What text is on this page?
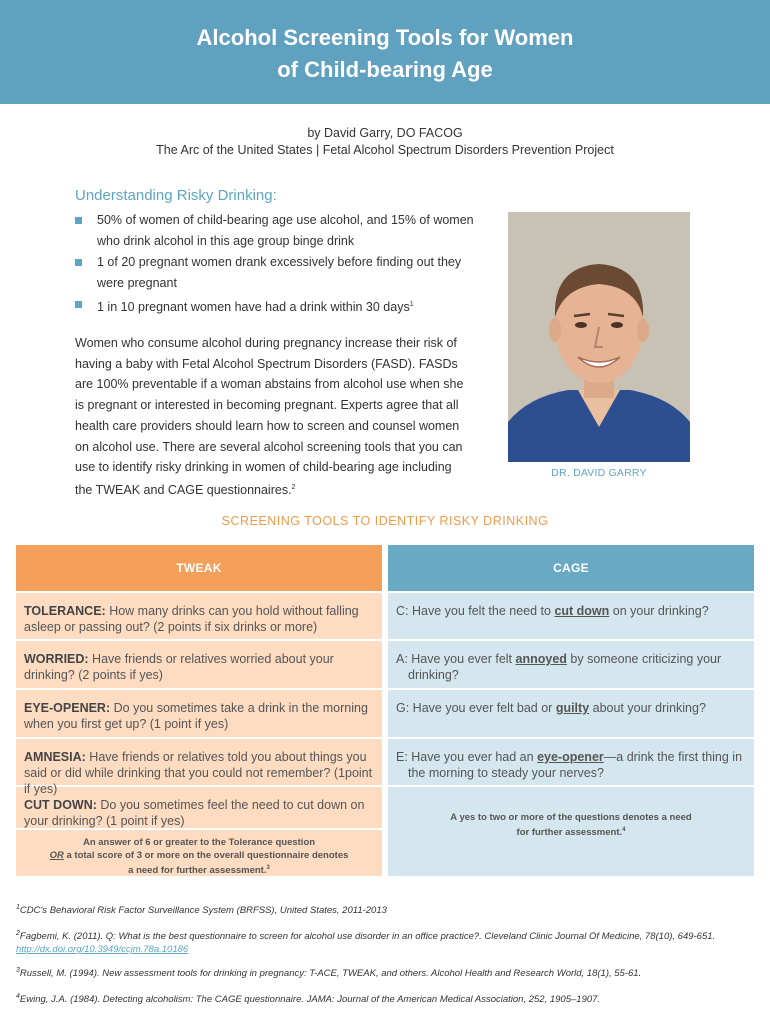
Alcohol Screening Tools for Women
of Child-bearing Age
by David Garry, DO FACOG
The Arc of the United States | Fetal Alcohol Spectrum Disorders Prevention Project
Understanding Risky Drinking:
50% of women of child-bearing age use alcohol, and 15% of women who drink alcohol in this age group binge drink
1 of 20 pregnant women drank excessively before finding out they were pregnant
1 in 10 pregnant women have had a drink within 30 days$^1$

Women who consume alcohol during pregnancy increase their risk of having a baby with Fetal Alcohol Spectrum Disorders (FASD). FASDs are 100% preventable if a woman abstains from alcohol use when she is pregnant or interested in becoming pregnant. Experts agree that all health care providers should learn how to screen and counsel women on alcohol use. There are several alcohol screening tools that you can use to identify risky drinking in women of child-bearing age including the TWEAK and CAGE questionnaires.$^2$

DR. DAVID GARRY
SCREENING TOOLS TO IDENTIFY RISKY DRINKING
TWEAK
TOLERANCE: How many drinks can you hold without falling asleep or passing out? (2 points if six drinks or more)
WORRIED: Have friends or relatives worried about your drinking? (2 points if yes)
EYE-OPENER: Do you sometimes take a drink in the morning when you first get up? (1 point if yes)
AMNESIA: Have friends or relatives told you about things you said or did while drinking that you could not remember? (1point if yes)
CUT DOWN: Do you sometimes feel the need to cut down on your drinking? (1 point if yes)
An answer of 6 or greater to the Tolerance question
OR a total score of 3 or more on the overall questionnaire denotes
a need for further assessment.$^3$
CAGE
C: Have you felt the need to cut down on your drinking?
A: Have you ever felt annoyed by someone criticizing your drinking?
G: Have you ever felt bad or guilty about your drinking?
E: Have you ever had an eye-opener—a drink the first thing in the morning to steady your nerves?
A yes to two or more of the questions denotes a need for further assessment.$^4$
$^1$CDC's Behavioral Risk Factor Surveillance System (BRFSS), United States, 2011-2013
$^2$Fagbemi, K. (2011). Q: What is the best questionnaire to screen for alcohol use disorder in an office practice?. Cleveland Clinic Journal Of Medicine, 78(10), 649-651.
http://dx.doi.org/10.3949/ccjm.78a.10186
$^3$Russell, M. (1994). New assessment tools for drinking in pregnancy: T-ACE, TWEAK, and others. Alcohol Health and Research World, 18(1), 55-61.
$^4$Ewing, J.A. (1984). Detecting alcoholism: The CAGE questionnaire. JAMA: Journal of the American Medical Association, 252, 1905–1907.
